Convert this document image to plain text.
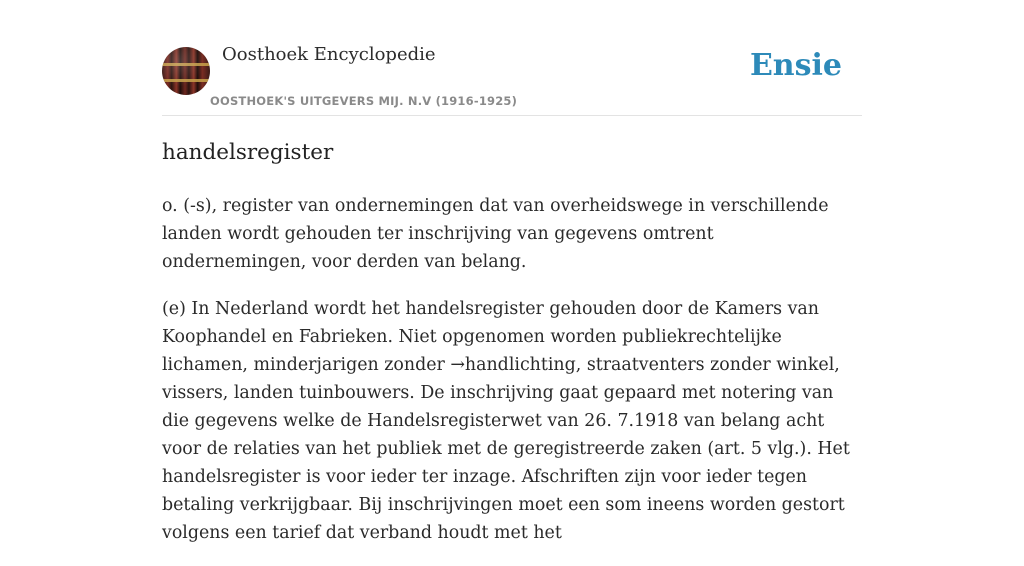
Oosthoek Encyclopedie
OOSTHOEK'S UITGEVERS MIJ. N.V (1916-1925)
Ensie
handelsregister

o. (-s), register van ondernemingen dat van overheidswege in verschillende landen wordt gehouden ter inschrijving van gegevens omtrent ondernemingen, voor derden van belang.

(e) In Nederland wordt het handelsregister gehouden door de Kamers van Koophandel en Fabrieken. Niet opgenomen worden publiekrechtelijke lichamen, minderjarigen zonder →handlichting, straatventers zonder winkel, vissers, landen tuinbouwers. De inschrijving gaat gepaard met notering van die gegevens welke de Handelsregisterwet van 26. 7.1918 van belang acht voor de relaties van het publiek met de geregistreerde zaken (art. 5 vlg.). Het handelsregister is voor ieder ter inzage. Afschriften zijn voor ieder tegen betaling verkrijgbaar. Bij inschrijvingen moet een som ineens worden gestort volgens een tarief dat verband houdt met het
